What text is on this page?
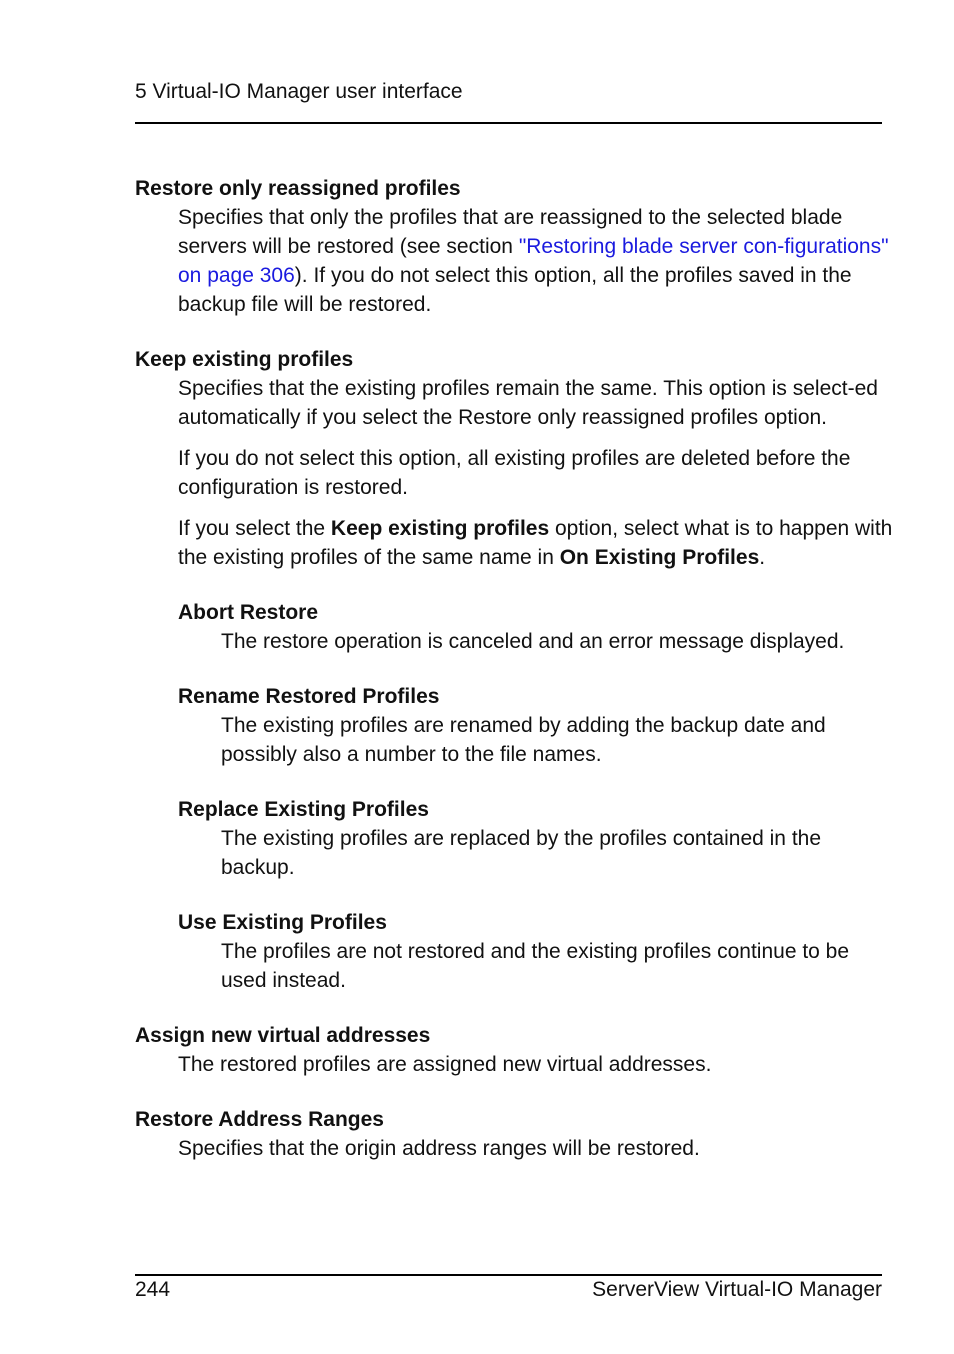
5 Virtual-IO Manager user interface
Restore only reassigned profiles

Specifies that only the profiles that are reassigned to the selected blade servers will be restored (see section "Restoring blade server con-figurations" on page 306). If you do not select this option, all the profiles saved in the backup file will be restored.

Keep existing profiles

Specifies that the existing profiles remain the same. This option is select-ed automatically if you select the Restore only reassigned profiles option.

If you do not select this option, all existing profiles are deleted before the configuration is restored.

If you select the Keep existing profiles option, select what is to happen with the existing profiles of the same name in On Existing Profiles.

Abort Restore

The restore operation is canceled and an error message displayed.

Rename Restored Profiles

The existing profiles are renamed by adding the backup date and possibly also a number to the file names.

Replace Existing Profiles

The existing profiles are replaced by the profiles contained in the backup.

Use Existing Profiles

The profiles are not restored and the existing profiles continue to be used instead.

Assign new virtual addresses

The restored profiles are assigned new virtual addresses.

Restore Address Ranges

Specifies that the origin address ranges will be restored.

244	ServerView Virtual-IO Manager
